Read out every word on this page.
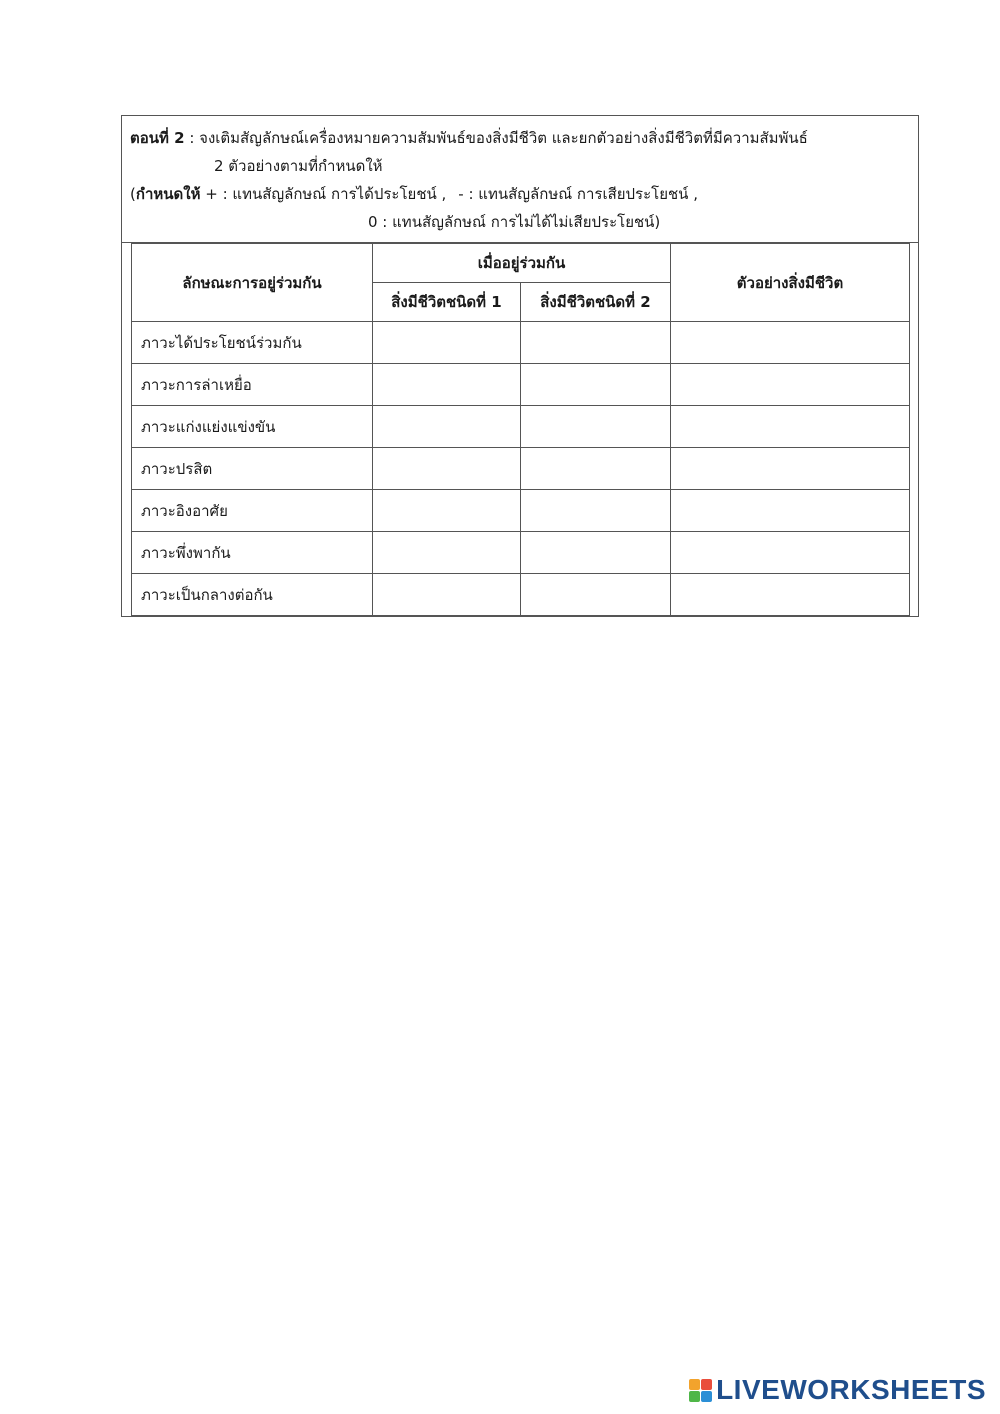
ตอนที่ 2 : จงเติมสัญลักษณ์เครื่องหมายความสัมพันธ์ของสิ่งมีชีวิต และยกตัวอย่างสิ่งมีชีวิตที่มีความสัมพันธ์
2 ตัวอย่างตามที่กำหนดให้
(กำหนดให้ + : แทนสัญลักษณ์ การได้ประโยชน์ , - : แทนสัญลักษณ์ การเสียประโยชน์ ,
0 : แทนสัญลักษณ์ การไม่ได้ไม่เสียประโยชน์)
ลักษณะการอยู่ร่วมกัน	เมื่ออยู่ร่วมกัน		ตัวอย่างสิ่งมีชีวิต
	สิ่งมีชีวิตชนิดที่ 1	สิ่งมีชีวิตชนิดที่ 2	
ภาวะได้ประโยชน์ร่วมกัน			
ภาวะการล่าเหยื่อ			
ภาวะแก่งแย่งแข่งขัน			
ภาวะปรสิต			
ภาวะอิงอาศัย			
ภาวะพึ่งพากัน			
ภาวะเป็นกลางต่อกัน			
LIVEWORKSHEETS
